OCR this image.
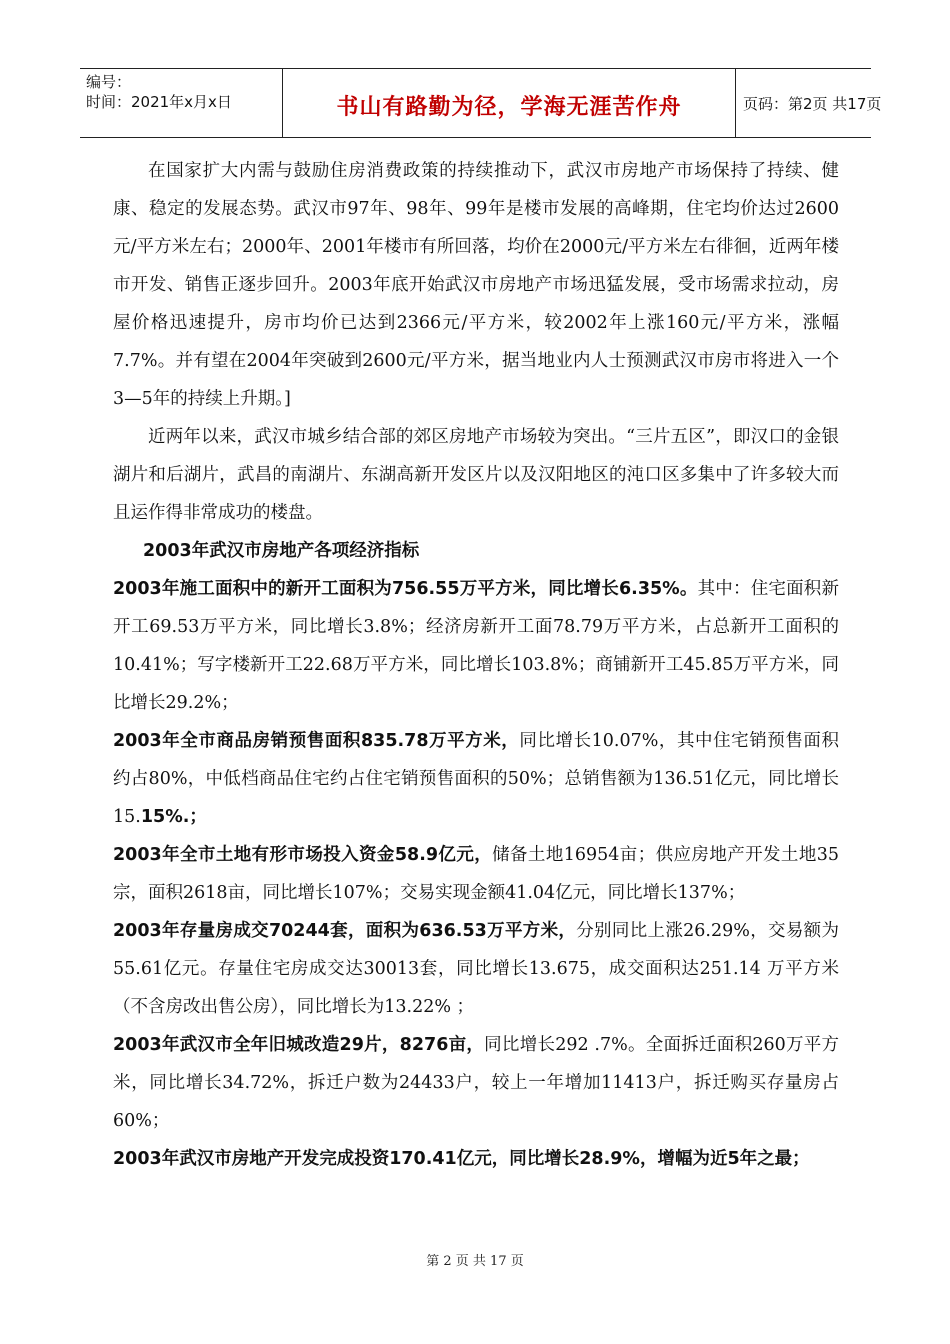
编号：
时间：2021年x月x日	书山有路勤为径，学海无涯苦作舟	页码：第2页 共17页

在国家扩大内需与鼓励住房消费政策的持续推动下，武汉市房地产市场保持了持续、健康、稳定的发展态势。武汉市97年、98年、99年是楼市发展的高峰期，住宅均价达过2600元/平方米左右；2000年、2001年楼市有所回落，均价在2000元/平方米左右徘徊，近两年楼市开发、销售正逐步回升。2003年底开始武汉市房地产市场迅猛发展，受市场需求拉动，房屋价格迅速提升，房市均价已达到2366元/平方米，较2002年上涨160元/平方米，涨幅7.7%。并有望在2004年突破到2600元/平方米，据当地业内人士预测武汉市房市将进入一个3—5年的持续上升期。]

近两年以来，武汉市城乡结合部的郊区房地产市场较为突出。“三片五区”，即汉口的金银湖片和后湖片，武昌的南湖片、东湖高新开发区片以及汉阳地区的沌口区多集中了许多较大而且运作得非常成功的楼盘。

2003年武汉市房地产各项经济指标

2003年施工面积中的新开工面积为756.55万平方米，同比增长6.35%。其中：住宅面积新开工69.53万平方米，同比增长3.8%；经济房新开工面78.79万平方米，占总新开工面积的10.41%；写字楼新开工22.68万平方米，同比增长103.8%；商铺新开工45.85万平方米，同比增长29.2%；

2003年全市商品房销预售面积835.78万平方米，同比增长10.07%，其中住宅销预售面积 约占80%，中低档商品住宅约占住宅销预售面积的50%；总销售额为136.51亿元，同比增长15.15%.；

2003年全市土地有形市场投入资金58.9亿元，储备土地16954亩；供应房地产开发土地35宗，面积2618亩，同比增长107%；交易实现金额41.04亿元，同比增长137%；

2003年存量房成交70244套，面积为636.53万平方米，分别同比上涨26.29%，交易额为55.61亿元。存量住宅房成交达30013套，同比增长13.675，成交面积达251.14 万平方米（不含房改出售公房），同比增长为13.22% ；

2003年武汉市全年旧城改造29片，8276亩，同比增长292 .7%。全面拆迁面积260万平方米，同比增长34.72%，拆迁户数为24433户，较上一年增加11413户，拆迁购买存量房占60%；

2003年武汉市房地产开发完成投资170.41亿元，同比增长28.9%，增幅为近5年之最；

第 2 页 共 17 页
